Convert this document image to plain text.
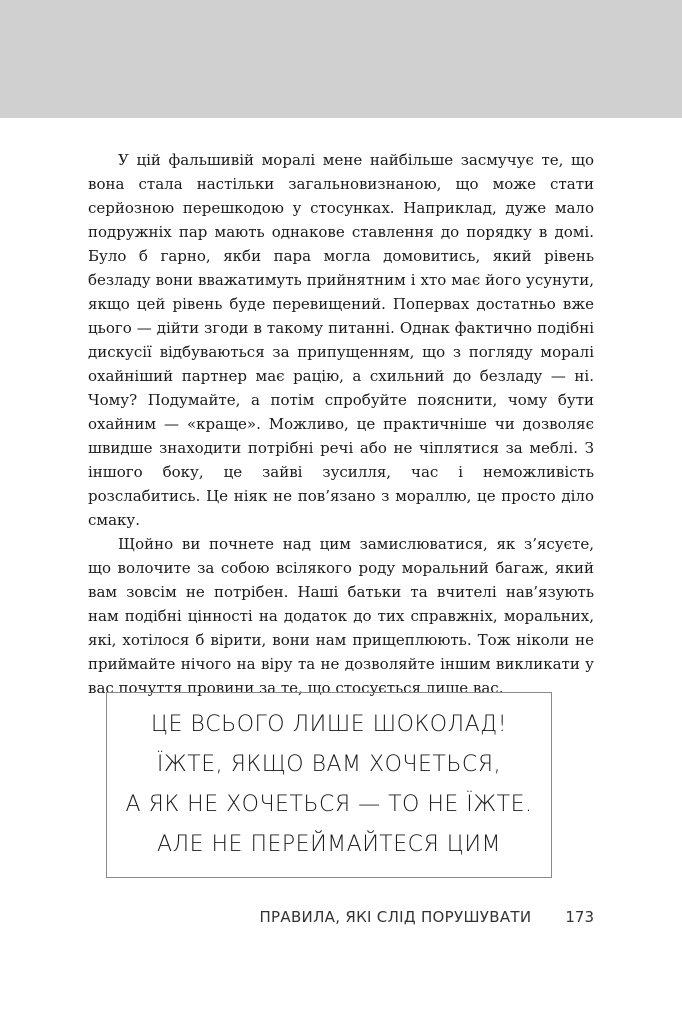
У цій фальшивій моралі мене найбільше засмучує те, що вона стала настільки загальновизнаною, що може стати серйозною перешкодою у стосунках. Наприклад, дуже мало подружніх пар мають однакове ставлення до порядку в домі. Було б гарно, якби пара могла домовитись, який рівень безладу вони вважатимуть прийнятним і хто має його усунути, якщо цей рівень буде перевищений. Поперваx достатньо вже цього — дійти згоди в такому питанні. Однак фактично подібні дискусії відбуваються за припущенням, що з погляду моралі охайніший партнер має рацію, а схильний до безладу — ні. Чому? Подумайте, а потім спробуйте пояснити, чому бути охайним — «краще». Можливо, це практичніше чи дозволяє швидше знаходити потрібні речі або не чіплятися за меблі. З іншого боку, це зайві зусилля, час і неможливість розслабитись. Це ніяк не пов’язано з мораллю, це просто діло смаку.

Щойно ви почнете над цим замислюватися, як з’ясуєте, що волочите за собою всілякого роду моральний багаж, який вам зовсім не потрібен. Наші батьки та вчителі нав’язують нам подібні цінності на додаток до тих справжніх, моральних, які, хотілося б вірити, вони нам прищеплюють. Тож ніколи не приймайте нічого на віру та не дозволяйте іншим викликати у вас почуття провини за те, що стосується лише вас.

ЦЕ ВСЬОГО ЛИШЕ ШОКОЛАД!
ЇЖТЕ, ЯКЩО ВАМ ХОЧЕТЬСЯ,
А ЯК НЕ ХОЧЕТЬСЯ — ТО НЕ ЇЖТЕ.
АЛЕ НЕ ПЕРЕЙМАЙТЕСЯ ЦИМ
ПРАВИЛА, ЯКІ СЛІД ПОРУШУВАТИ 173
